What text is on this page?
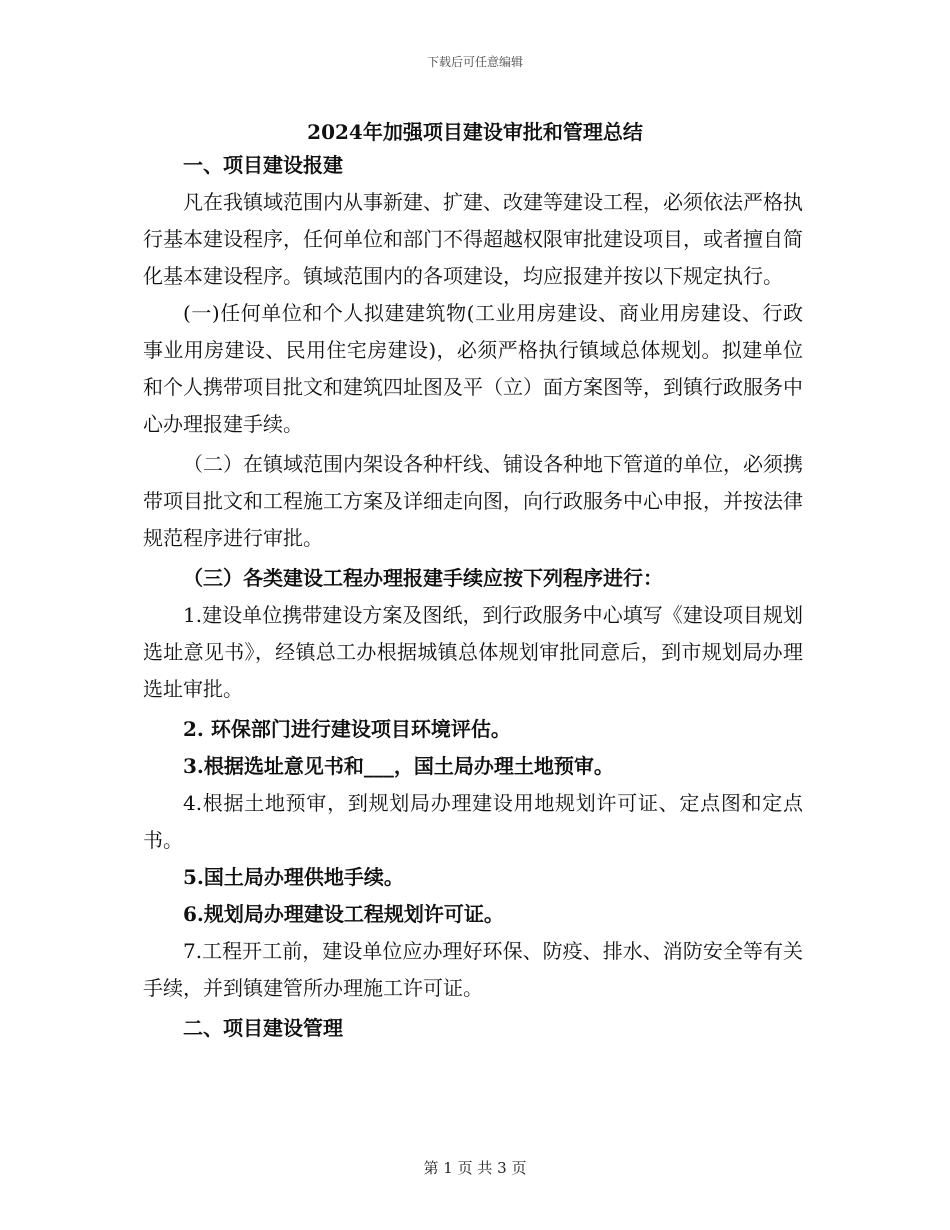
下载后可任意编辑
2024年加强项目建设审批和管理总结

一、项目建设报建

凡在我镇域范围内从事新建、扩建、改建等建设工程，必须依法严格执行基本建设程序，任何单位和部门不得超越权限审批建设项目，或者擅自简化基本建设程序。镇域范围内的各项建设，均应报建并按以下规定执行。

(一)任何单位和个人拟建建筑物(工业用房建设、商业用房建设、行政事业用房建设、民用住宅房建设)，必须严格执行镇域总体规划。拟建单位和个人携带项目批文和建筑四址图及平（立）面方案图等，到镇行政服务中心办理报建手续。

（二）在镇域范围内架设各种杆线、铺设各种地下管道的单位，必须携带项目批文和工程施工方案及详细走向图，向行政服务中心申报，并按法律规范程序进行审批。

（三）各类建设工程办理报建手续应按下列程序进行：

1.建设单位携带建设方案及图纸，到行政服务中心填写《建设项目规划选址意见书》，经镇总工办根据城镇总体规划审批同意后，到市规划局办理选址审批。

2. 环保部门进行建设项目环境评估。

3.根据选址意见书和___，国土局办理土地预审。

4.根据土地预审，到规划局办理建设用地规划许可证、定点图和定点书。

5.国土局办理供地手续。

6.规划局办理建设工程规划许可证。

7.工程开工前，建设单位应办理好环保、防疫、排水、消防安全等有关手续，并到镇建管所办理施工许可证。

二、项目建设管理

第 1 页 共 3 页
